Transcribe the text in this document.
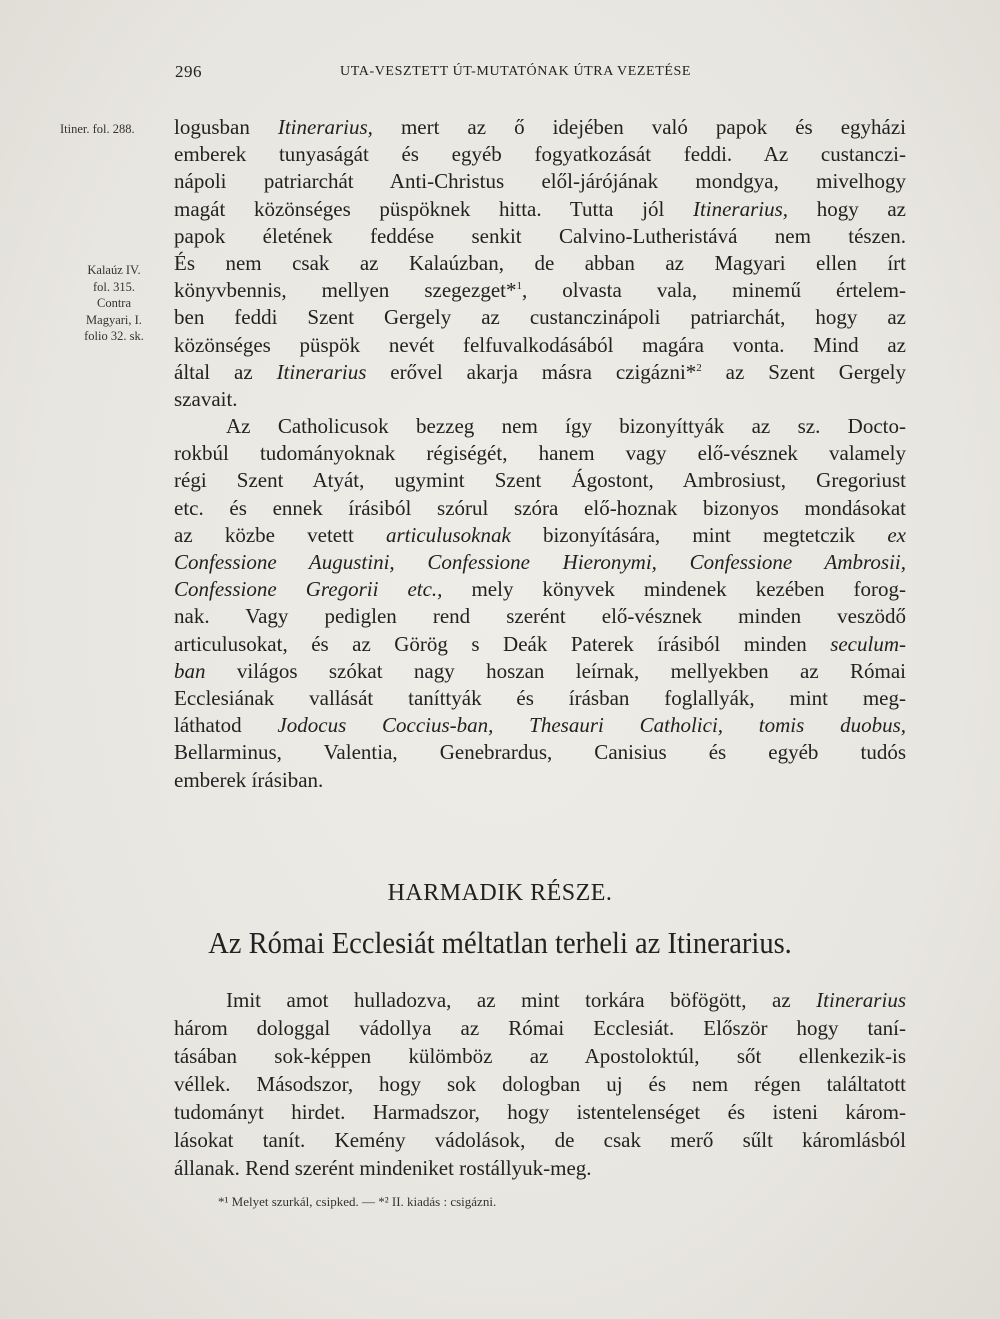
296	UTA-VESZTETT ÚT-MUTATÓNAK ÚTRA VEZETÉSE
Itiner. fol. 288.
Kalaúz IV.
fol. 315.
Contra
Magyari, I.
folio 32. sk.
logusban Itinerarius, mert az ő idejében való papok és egyházi
emberek tunyaságát és egyéb fogyatkozását feddi. Az custanczi-
nápoli patriarchát Anti-Christus elől-járójának mondgya, mivelhogy
magát közönséges püspöknek hitta. Tutta jól Itinerarius, hogy az
papok életének feddése senkit Calvino-Lutheristává nem tészen.
És nem csak az Kalaúzban, de abban az Magyari ellen írt
könyvbennis, mellyen szegezget*$^1$, olvasta vala, minemű értelem-
ben feddi Szent Gergely az custanczinápoli patriarchát, hogy az
közönséges püspök nevét felfuvalkodásából magára vonta. Mind az
által az Itinerarius erővel akarja másra czigázni*$^2$ az Szent Gergely
szavait.
Az Catholicusok bezzeg nem így bizonyíttyák az sz. Docto-
rokbúl tudományoknak régiségét, hanem vagy elő-vésznek valamely
régi Szent Atyát, ugymint Szent Ágostont, Ambrosiust, Gregoriust
etc. és ennek írásiból szórul szóra elő-hoznak bizonyos mondásokat
az közbe vetett articulusoknak bizonyítására, mint megtetczik ex
Confessione Augustini, Confessione Hieronymi, Confessione Ambrosii,
Confessione Gregorii etc., mely könyvek mindenek kezében forog-
nak. Vagy pediglen rend szerént elő-vésznek minden veszödő
articulusokat, és az Görög s Deák Paterek írásiból minden seculum-
ban világos szókat nagy hoszan leírnak, mellyekben az Római
Ecclesiának vallását taníttyák és írásban foglallyák, mint meg-
láthatod Jodocus Coccius-ban, Thesauri Catholici, tomis duobus,
Bellarminus, Valentia, Genebrardus, Canisius és egyéb tudós
emberek írásiban.
HARMADIK RÉSZE.
Az Római Ecclesiát méltatlan terheli az Itinerarius.
Imit amot hulladozva, az mint torkára böfögött, az Itinerarius
három dologgal vádollya az Római Ecclesiát. Először hogy taní-
tásában sok-képpen külömböz az Apostoloktúl, sőt ellenkezik-is
véllek. Másodszor, hogy sok dologban uj és nem régen találtatott
tudományt hirdet. Harmadszor, hogy istentelenséget és isteni károm-
lásokat tanít. Kemény vádolások, de csak merő sűlt káromlásból
állanak. Rend szerént mindeniket rostállyuk-meg.
*¹ Melyet szurkál, csipked. — *² II. kiadás : csigázni.
